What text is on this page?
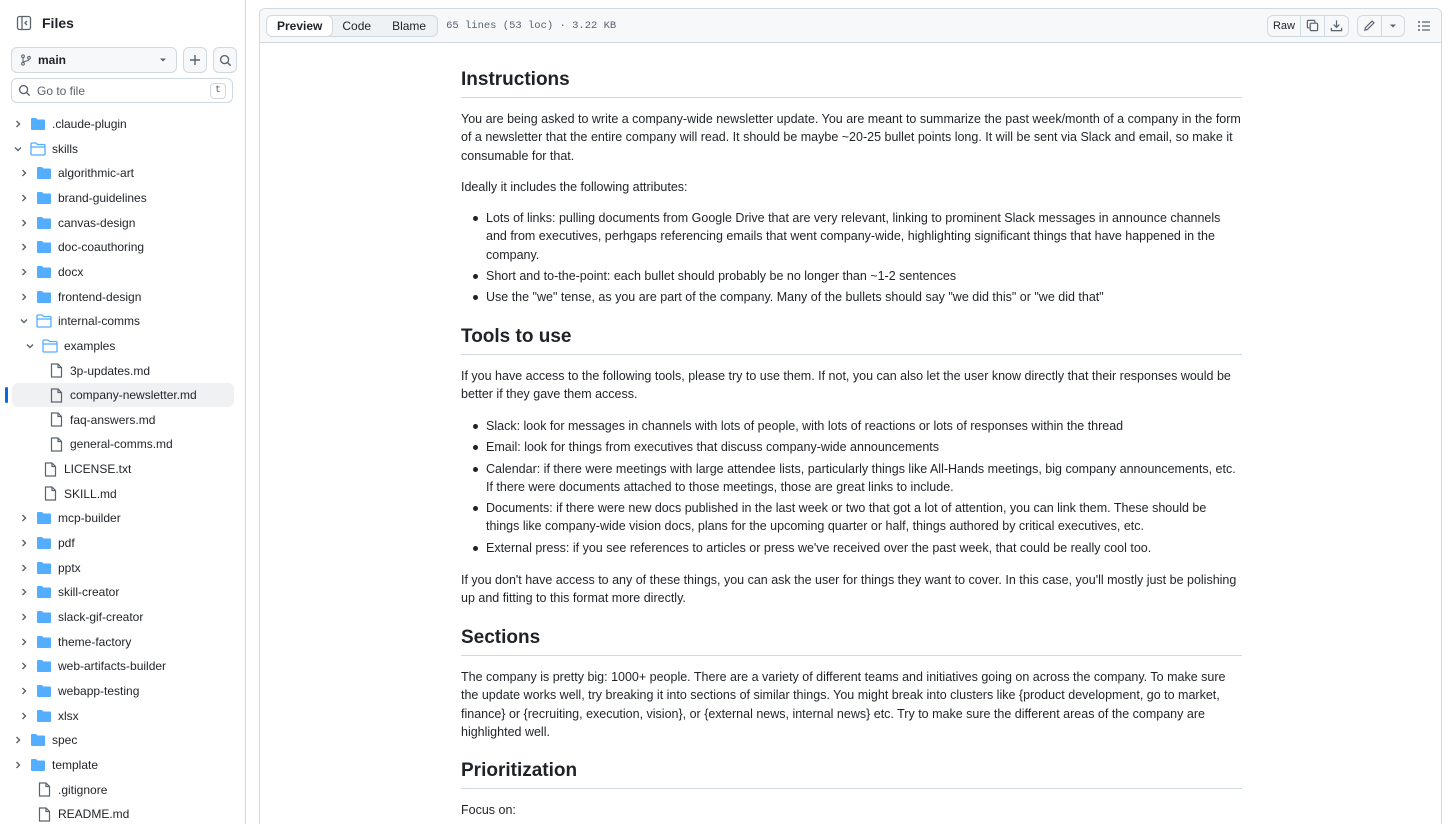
Files
main
Go to file
t
.claude-plugin
skills
algorithmic-art
brand-guidelines
canvas-design
doc-coauthoring
docx
frontend-design
internal-comms
examples
3p-updates.md
company-newsletter.md
faq-answers.md
general-comms.md
LICENSE.txt
SKILL.md
mcp-builder
pdf
pptx
skill-creator
slack-gif-creator
theme-factory
web-artifacts-builder
webapp-testing
xlsx
spec
template
.gitignore
README.md
Preview	Code	Blame	65 lines (53 loc) · 3.22 KB	Raw
Instructions

You are being asked to write a company-wide newsletter update. You are meant to summarize the past week/month of a company in the form of a newsletter that the entire company will read. It should be maybe ~20-25 bullet points long. It will be sent via Slack and email, so make it consumable for that.

Ideally it includes the following attributes:

Lots of links: pulling documents from Google Drive that are very relevant, linking to prominent Slack messages in announce channels and from executives, perhgaps referencing emails that went company-wide, highlighting significant things that have happened in the company.
Short and to-the-point: each bullet should probably be no longer than ~1-2 sentences
Use the "we" tense, as you are part of the company. Many of the bullets should say "we did this" or "we did that"
Tools to use

If you have access to the following tools, please try to use them. If not, you can also let the user know directly that their responses would be better if they gave them access.

Slack: look for messages in channels with lots of people, with lots of reactions or lots of responses within the thread
Email: look for things from executives that discuss company-wide announcements
Calendar: if there were meetings with large attendee lists, particularly things like All-Hands meetings, big company announcements, etc. If there were documents attached to those meetings, those are great links to include.
Documents: if there were new docs published in the last week or two that got a lot of attention, you can link them. These should be things like company-wide vision docs, plans for the upcoming quarter or half, things authored by critical executives, etc.
External press: if you see references to articles or press we've received over the past week, that could be really cool too.

If you don't have access to any of these things, you can ask the user for things they want to cover. In this case, you'll mostly just be polishing up and fitting to this format more directly.

Sections

The company is pretty big: 1000+ people. There are a variety of different teams and initiatives going on across the company. To make sure the update works well, try breaking it into sections of similar things. You might break into clusters like {product development, go to market, finance} or {recruiting, execution, vision}, or {external news, internal news} etc. Try to make sure the different areas of the company are highlighted well.

Prioritization

Focus on:
